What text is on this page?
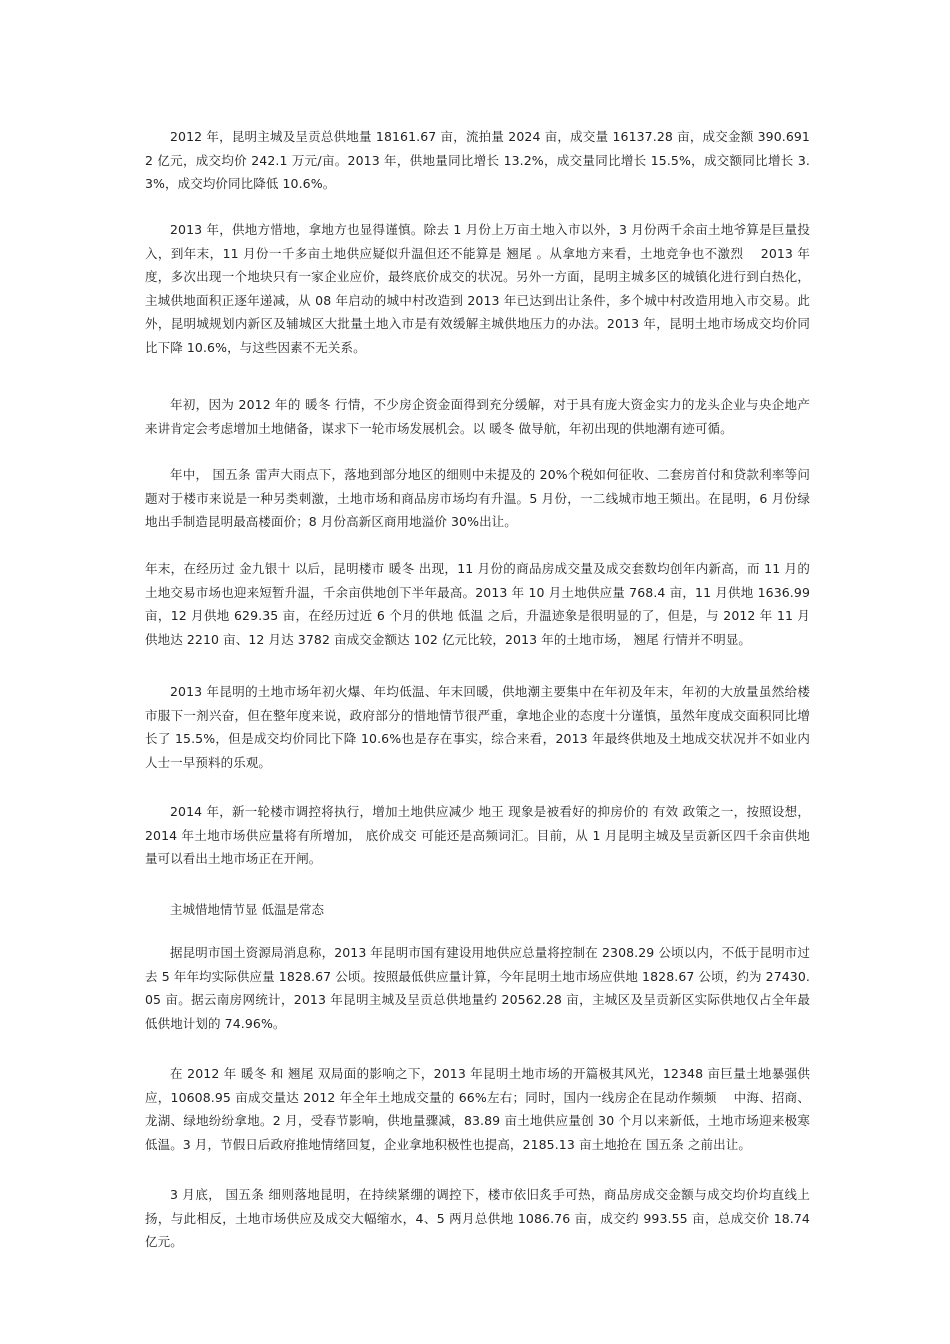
2012 年，昆明主城及呈贡总供地量 18161.67 亩，流拍量 2024 亩，成交量 16137.28 亩，成交金额 390.6912 亿元，成交均价 242.1 万元/亩。2013 年，供地量同比增长 13.2%，成交量同比增长 15.5%，成交额同比增长 3.3%，成交均价同比降低 10.6%。

2013 年，供地方惜地，拿地方也显得谨慎。除去 1 月份上万亩土地入市以外，3 月份两千余亩土地爷算是巨量投入，到年末，11 月份一千多亩土地供应疑似升温但还不能算是 翘尾 。从拿地方来看，土地竞争也不激烈　 2013 年度，多次出现一个地块只有一家企业应价，最终底价成交的状况。另外一方面，昆明主城多区的城镇化进行到白热化，主城供地面积正逐年递减，从 08 年启动的城中村改造到 2013 年已达到出让条件，多个城中村改造用地入市交易。此外，昆明城规划内新区及辅城区大批量土地入市是有效缓解主城供地压力的办法。2013 年，昆明土地市场成交均价同比下降 10.6%，与这些因素不无关系。

年初，因为 2012 年的 暖冬 行情，不少房企资金面得到充分缓解，对于具有庞大资金实力的龙头企业与央企地产来讲肯定会考虑增加土地储备，谋求下一轮市场发展机会。以 暖冬 做导航，年初出现的供地潮有迹可循。

年中， 国五条 雷声大雨点下，落地到部分地区的细则中未提及的 20%个税如何征收、二套房首付和贷款利率等问题对于楼市来说是一种另类刺激，土地市场和商品房市场均有升温。5 月份，一二线城市地王频出。在昆明，6 月份绿地出手制造昆明最高楼面价；8 月份高新区商用地溢价 30%出让。

年末，在经历过 金九银十 以后，昆明楼市 暖冬 出现，11 月份的商品房成交量及成交套数均创年内新高，而 11 月的土地交易市场也迎来短暂升温，千余亩供地创下半年最高。2013 年 10 月土地供应量 768.4 亩，11 月供地 1636.99 亩，12 月供地 629.35 亩，在经历过近 6 个月的供地 低温 之后，升温迹象是很明显的了，但是，与 2012 年 11 月供地达 2210 亩、12 月达 3782 亩成交金额达 102 亿元比较，2013 年的土地市场， 翘尾 行情并不明显。

2013 年昆明的土地市场年初火爆、年均低温、年末回暖，供地潮主要集中在年初及年末，年初的大放量虽然给楼市服下一剂兴奋，但在整年度来说，政府部分的惜地情节很严重，拿地企业的态度十分谨慎，虽然年度成交面积同比增长了 15.5%，但是成交均价同比下降 10.6%也是存在事实，综合来看，2013 年最终供地及土地成交状况并不如业内人士一早预料的乐观。

2014 年，新一轮楼市调控将执行，增加土地供应减少 地王 现象是被看好的抑房价的 有效 政策之一，按照设想，2014 年土地市场供应量将有所增加， 底价成交 可能还是高频词汇。目前，从 1 月昆明主城及呈贡新区四千余亩供地量可以看出土地市场正在开闸。

主城惜地情节显 低温是常态

据昆明市国土资源局消息称，2013 年昆明市国有建设用地供应总量将控制在 2308.29 公顷以内，不低于昆明市过去 5 年年均实际供应量 1828.67 公顷。按照最低供应量计算，今年昆明土地市场应供地 1828.67 公顷，约为 27430.05 亩。据云南房网统计，2013 年昆明主城及呈贡总供地量约 20562.28 亩，主城区及呈贡新区实际供地仅占全年最低供地计划的 74.96%。

在 2012 年 暖冬 和 翘尾 双局面的影响之下，2013 年昆明土地市场的开篇极其风光，12348 亩巨量土地暴强供应，10608.95 亩成交量达 2012 年全年土地成交量的 66%左右；同时，国内一线房企在昆动作频频　 中海、招商、龙湖、绿地纷纷拿地。2 月，受春节影响，供地量骤减，83.89 亩土地供应量创 30 个月以来新低，土地市场迎来极寒低温。3 月，节假日后政府推地情绪回复，企业拿地积极性也提高，2185.13 亩土地抢在 国五条 之前出让。

3 月底， 国五条 细则落地昆明，在持续紧绷的调控下，楼市依旧炙手可热，商品房成交金额与成交均价均直线上扬，与此相反，土地市场供应及成交大幅缩水，4、5 两月总供地 1086.76 亩，成交约 993.55 亩，总成交价 18.74 亿元。
